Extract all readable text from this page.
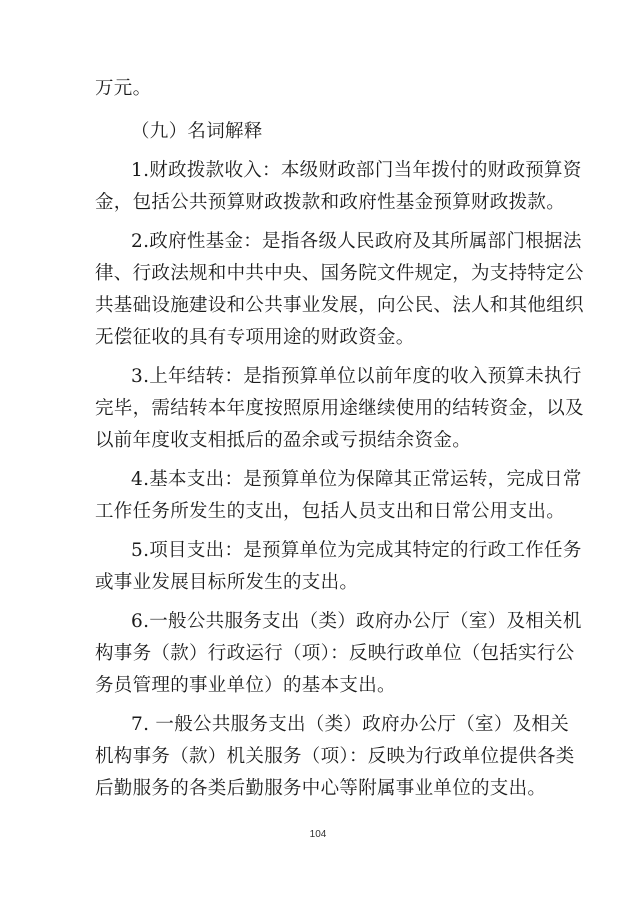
万元。
（九）名词解释
1.财政拨款收入：本级财政部门当年拨付的财政预算资
金，包括公共预算财政拨款和政府性基金预算财政拨款。
2.政府性基金：是指各级人民政府及其所属部门根据法
律、行政法规和中共中央、国务院文件规定，为支持特定公
共基础设施建设和公共事业发展，向公民、法人和其他组织
无偿征收的具有专项用途的财政资金。
3.上年结转：是指预算单位以前年度的收入预算未执行
完毕，需结转本年度按照原用途继续使用的结转资金，以及
以前年度收支相抵后的盈余或亏损结余资金。
4.基本支出：是预算单位为保障其正常运转，完成日常
工作任务所发生的支出，包括人员支出和日常公用支出。
5.项目支出：是预算单位为完成其特定的行政工作任务
或事业发展目标所发生的支出。
6.一般公共服务支出（类）政府办公厅（室）及相关机
构事务（款）行政运行（项）：反映行政单位（包括实行公
务员管理的事业单位）的基本支出。
7. 一般公共服务支出（类）政府办公厅（室）及相关
机构事务（款）机关服务（项）：反映为行政单位提供各类
后勤服务的各类后勤服务中心等附属事业单位的支出。
104
